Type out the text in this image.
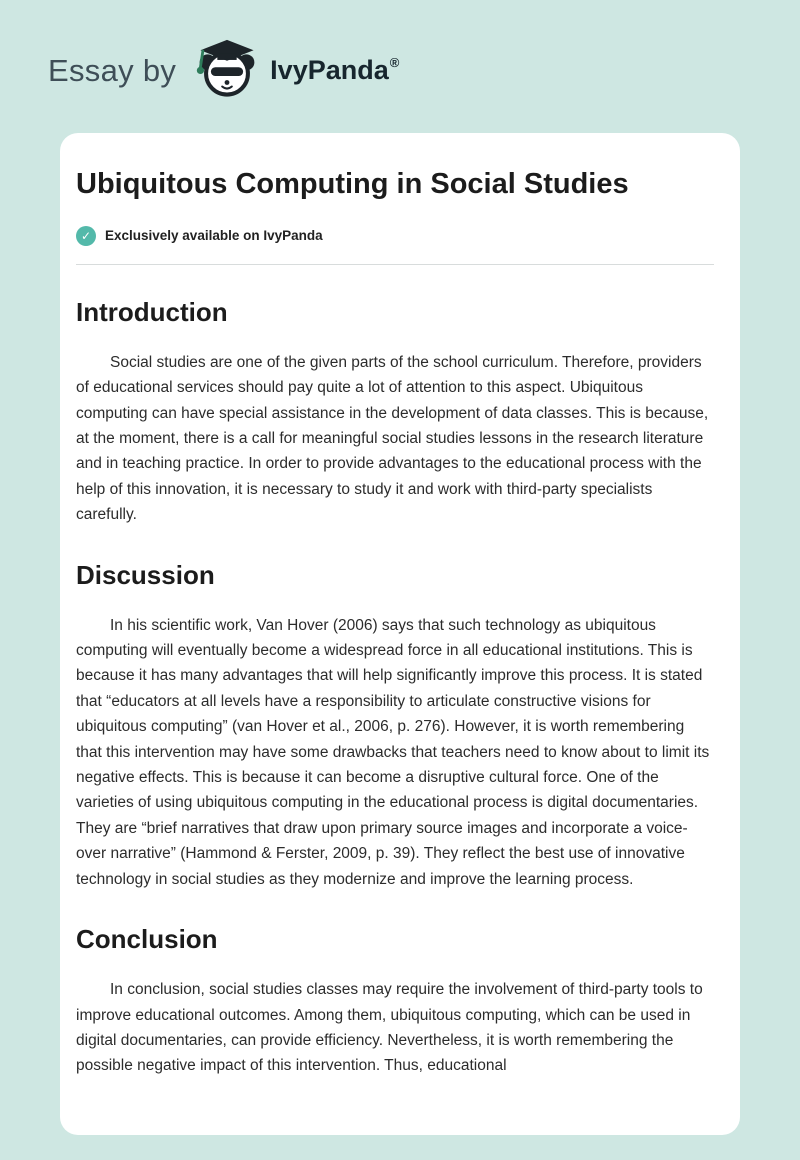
Essay by	IvyPanda®
Ubiquitous Computing in Social Studies
✓	Exclusively available on IvyPanda
Introduction

Social studies are one of the given parts of the school curriculum. Therefore, providers of educational services should pay quite a lot of attention to this aspect. Ubiquitous computing can have special assistance in the development of data classes. This is because, at the moment, there is a call for meaningful social studies lessons in the research literature and in teaching practice. In order to provide advantages to the educational process with the help of this innovation, it is necessary to study it and work with third-party specialists carefully.

Discussion

In his scientific work, Van Hover (2006) says that such technology as ubiquitous computing will eventually become a widespread force in all educational institutions. This is because it has many advantages that will help significantly improve this process. It is stated that “educators at all levels have a responsibility to articulate constructive visions for ubiquitous computing” (van Hover et al., 2006, p. 276). However, it is worth remembering that this intervention may have some drawbacks that teachers need to know about to limit its negative effects. This is because it can become a disruptive cultural force. One of the varieties of using ubiquitous computing in the educational process is digital documentaries. They are “brief narratives that draw upon primary source images and incorporate a voice-over narrative” (Hammond & Ferster, 2009, p. 39). They reflect the best use of innovative technology in social studies as they modernize and improve the learning process.

Conclusion

In conclusion, social studies classes may require the involvement of third-party tools to improve educational outcomes. Among them, ubiquitous computing, which can be used in digital documentaries, can provide efficiency. Nevertheless, it is worth remembering the possible negative impact of this intervention. Thus, educational
